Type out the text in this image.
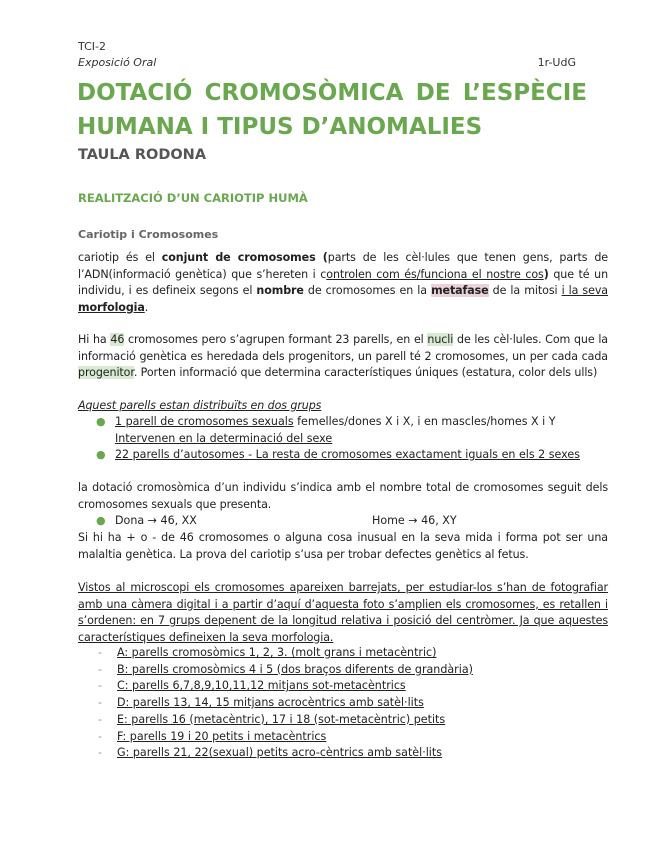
TCI-2
Exposició Oral	1r-UdG
DOTACIÓ CROMOSÒMICA DE L’ESPÈCIE HUMANA I TIPUS D’ANOMALIES
TAULA RODONA
REALITZACIÓ D’UN CARIOTIP HUMÀ
Cariotip i Cromosomes

cariotip és el conjunt de cromosomes (parts de les cèl·lules que tenen gens, parts de l’ADN(informació genètica) que s’hereten i controlen com és/funciona el nostre cos) que té un individu, i es defineix segons el nombre de cromosomes en la metafase de la mitosi i la seva morfologia.

Hi ha 46 cromosomes pero s’agrupen formant 23 parells, en el nucli de les cèl·lules. Com que la informació genètica es heredada dels progenitors, un parell té 2 cromosomes, un per cada cada progenitor. Porten informació que determina característiques úniques (estatura, color dels ulls)

Aquest parells estan distribuïts en dos grups

● 1 parell de cromosomes sexuals femelles/dones X i X, i en mascles/homes X i Y Intervenen en la determinació del sexe
● 22 parells d’autosomes - La resta de cromosomes exactament iguals en els 2 sexes

la dotació cromosòmica d’un individu s’indica amb el nombre total de cromosomes seguit dels cromosomes sexuals que presenta.

● Dona → 46, XX	Home → 46, XY

Si hi ha + o - de 46 cromosomes o alguna cosa inusual en la seva mida i forma pot ser una malaltia genètica. La prova del cariotip s’usa per trobar defectes genètics al fetus.

Vistos al microscopi els cromosomes apareixen barrejats, per estudiar-los s’han de fotografiar amb una càmera digital i a partir d’aquí d’aquesta foto s’amplien els cromosomes, es retallen i s’ordenen: en 7 grups depenent de la longitud relativa i posició del centròmer. Ja que aquestes característiques defineixen la seva morfologia.

- A: parells cromosòmics 1, 2, 3. (molt grans i metacèntric)
- B: parells cromosòmics 4 i 5 (dos braços diferents de grandària)
- C: parells 6,7,8,9,10,11,12 mitjans sot-metacèntrics
- D: parells 13, 14, 15 mitjans acrocèntrics amb satèl·lits
- E: parells 16 (metacèntric), 17 i 18 (sot-metacèntric) petits
- F: parells 19 i 20 petits i metacèntrics
- G: parells 21, 22(sexual) petits acro-cèntrics amb satèl·lits
